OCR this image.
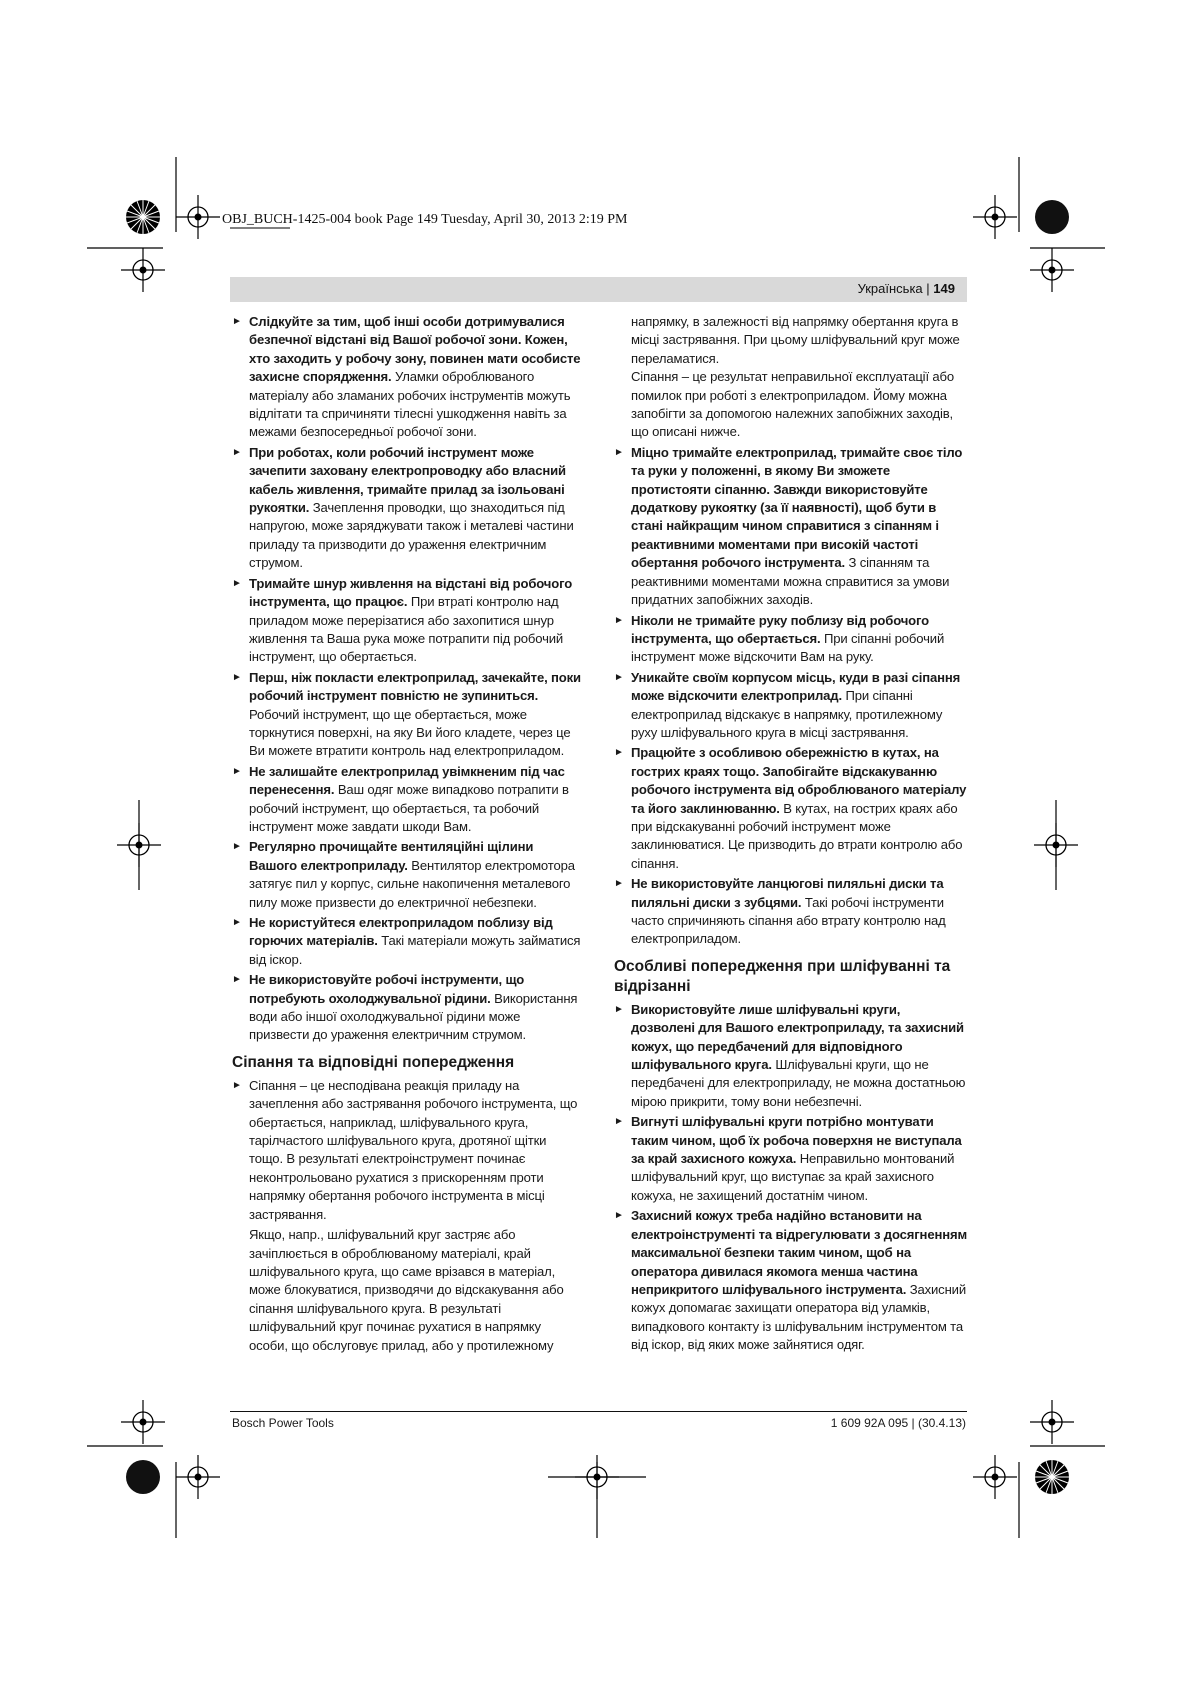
OBJ_BUCH-1425-004 book Page 149 Tuesday, April 30, 2013 2:19 PM
Українська | 149
► Слідкуйте за тим, щоб інші особи дотримувалися безпечної відстані від Вашої робочої зони. Кожен, хто заходить у робочу зону, повинен мати особисте захисне спорядження. Уламки оброблюваного матеріалу або зламаних робочих інструментів можуть відлітати та спричиняти тілесні ушкодження навіть за межами безпосередньої робочої зони.
► При роботах, коли робочий інструмент може зачепити заховану електропроводку або власний кабель живлення, тримайте прилад за ізольовані рукоятки. Зачеплення проводки, що знаходиться під напругою, може заряджувати також і металеві частини приладу та призводити до ураження електричним струмом.
► Тримайте шнур живлення на відстані від робочого інструмента, що працює. При втраті контролю над приладом може перерізатися або захопитися шнур живлення та Ваша рука може потрапити під робочий інструмент, що обертається.
► Перш, ніж покласти електроприлад, зачекайте, поки робочий інструмент повністю не зупиниться. Робочий інструмент, що ще обертається, може торкнутися поверхні, на яку Ви його кладете, через це Ви можете втратити контроль над електроприладом.
► Не залишайте електроприлад увімкненим під час перенесення. Ваш одяг може випадково потрапити в робочий інструмент, що обертається, та робочий інструмент може завдати шкоди Вам.
► Регулярно прочищайте вентиляційні щілини Вашого електроприладу. Вентилятор електромотора затягує пил у корпус, сильне накопичення металевого пилу може призвести до електричної небезпеки.
► Не користуйтеся електроприладом поблизу від горючих матеріалів. Такі матеріали можуть займатися від іскор.
► Не використовуйте робочі інструменти, що потребують охолоджувальної рідини. Використання води або іншої охолоджувальної рідини може призвести до ураження електричним струмом.
Сіпання та відповідні попередження
► Сіпання – це несподівана реакція приладу на зачеплення або застрявання робочого інструмента, що обертається, наприклад, шліфувального круга, тарілчастого шліфувального круга, дротяної щітки тощо. В результаті електроінструмент починає неконтрольовано рухатися з прискоренням проти напрямку обертання робочого інструмента в місці застрявання.

Якщо, напр., шліфувальний круг застряє або зачіплюється в оброблюваному матеріалі, край шліфувального круга, що саме врізався в матеріал, може блокуватися, призводячи до відскакування або сіпання шліфувального круга. В результаті шліфувальний круг починає рухатися в напрямку особи, що обслуговує прилад, або у протилежному

напрямку, в залежності від напрямку обертання круга в місці застрявання. При цьому шліфувальний круг може переламатися.

Сіпання – це результат неправильної експлуатації або помилок при роботі з електроприладом. Йому можна запобігти за допомогою належних запобіжних заходів, що описані нижче.

► Міцно тримайте електроприлад, тримайте своє тіло та руки у положенні, в якому Ви зможете протистояти сіпанню. Завжди використовуйте додаткову рукоятку (за її наявності), щоб бути в стані найкращим чином справитися з сіпанням і реактивними моментами при високій частоті обертання робочого інструмента. З сіпанням та реактивними моментами можна справитися за умови придатних запобіжних заходів.
► Ніколи не тримайте руку поблизу від робочого інструмента, що обертається. При сіпанні робочий інструмент може відскочити Вам на руку.
► Уникайте своїм корпусом місць, куди в разі сіпання може відскочити електроприлад. При сіпанні електроприлад відскакує в напрямку, протилежному руху шліфувального круга в місці застрявання.
► Працюйте з особливою обережністю в кутах, на гострих краях тощо. Запобігайте відскакуванню робочого інструмента від оброблюваного матеріалу та його заклинюванню. В кутах, на гострих краях або при відскакуванні робочий інструмент може заклинюватися. Це призводить до втрати контролю або сіпання.
► Не використовуйте ланцюгові пиляльні диски та пиляльні диски з зубцями. Такі робочі інструменти часто спричиняють сіпання або втрату контролю над електроприладом.
Особливі попередження при шліфуванні та відрізанні
► Використовуйте лише шліфувальні круги, дозволені для Вашого електроприладу, та захисний кожух, що передбачений для відповідного шліфувального круга. Шліфувальні круги, що не передбачені для електроприладу, не можна достатньою мірою прикрити, тому вони небезпечні.
► Вигнуті шліфувальні круги потрібно монтувати таким чином, щоб їх робоча поверхня не виступала за край захисного кожуха. Неправильно монтований шліфувальний круг, що виступає за край захисного кожуха, не захищений достатнім чином.
► Захисний кожух треба надійно встановити на електроінструменті та відрегулювати з досягненням максимальної безпеки таким чином, щоб на оператора дивилася якомога менша частина неприкритого шліфувального інструмента. Захисний кожух допомагає захищати оператора від уламків, випадкового контакту із шліфувальним інструментом та від іскор, від яких може зайнятися одяг.
Bosch Power Tools	1 609 92A 095 | (30.4.13)
